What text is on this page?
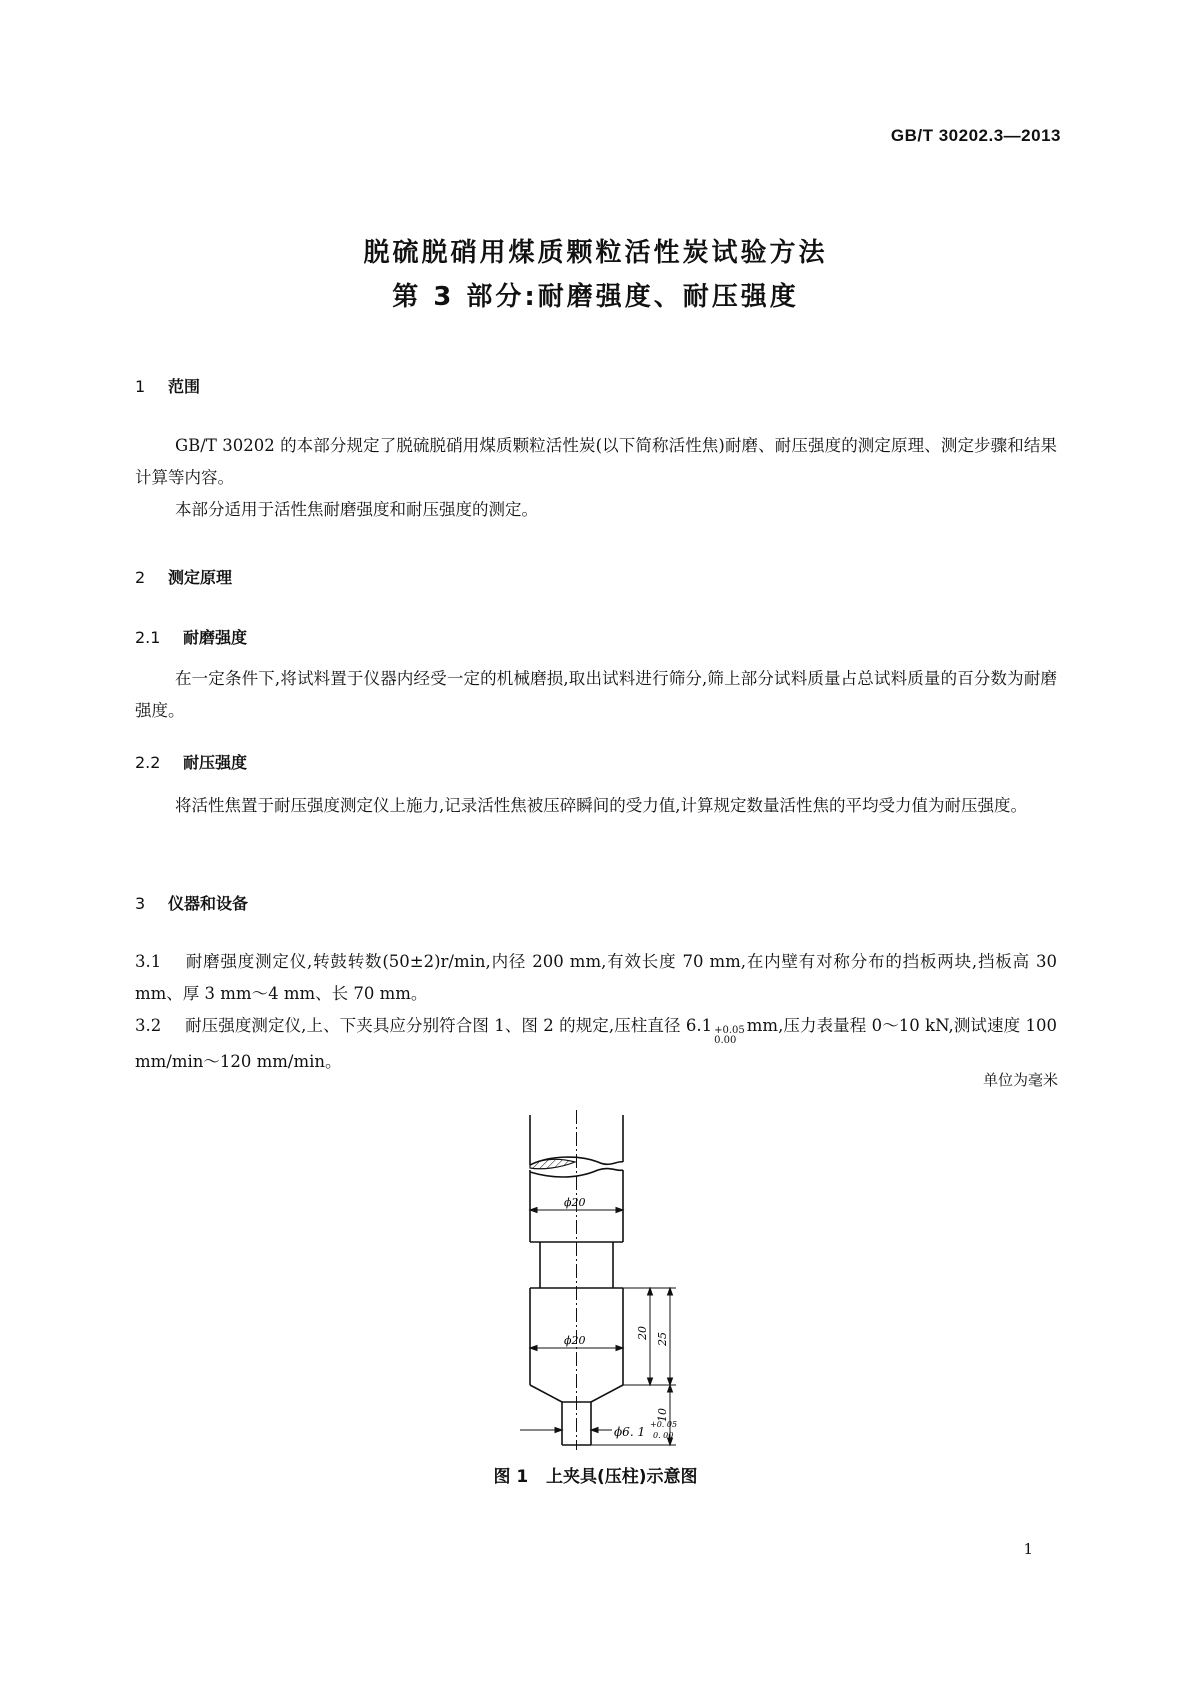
GB/T 30202.3—2013
脱硫脱硝用煤质颗粒活性炭试验方法
第 3 部分:耐磨强度、耐压强度
1 范围
GB/T 30202 的本部分规定了脱硫脱硝用煤质颗粒活性炭(以下简称活性焦)耐磨、耐压强度的测定原理、测定步骤和结果计算等内容。
本部分适用于活性焦耐磨强度和耐压强度的测定。
2 测定原理
2.1 耐磨强度
在一定条件下,将试料置于仪器内经受一定的机械磨损,取出试料进行筛分,筛上部分试料质量占总试料质量的百分数为耐磨强度。
2.2 耐压强度
将活性焦置于耐压强度测定仪上施力,记录活性焦被压碎瞬间的受力值,计算规定数量活性焦的平均受力值为耐压强度。
3 仪器和设备
3.1 耐磨强度测定仪,转鼓转数(50±2)r/min,内径 200 mm,有效长度 70 mm,在内壁有对称分布的挡板两块,挡板高 30 mm、厚 3 mm～4 mm、长 70 mm。
3.2 耐压强度测定仪,上、下夹具应分别符合图 1、图 2 的规定,压柱直径 6.1 +0.05
0.00
mm,压力表量程 0～10 kN,测试速度 100 mm/min～120 mm/min。
单位为毫米
ϕ20
ϕ20
20 25
10
ϕ6. 1
+0. 05
0. 00
图 1   上夹具(压柱)示意图
1
